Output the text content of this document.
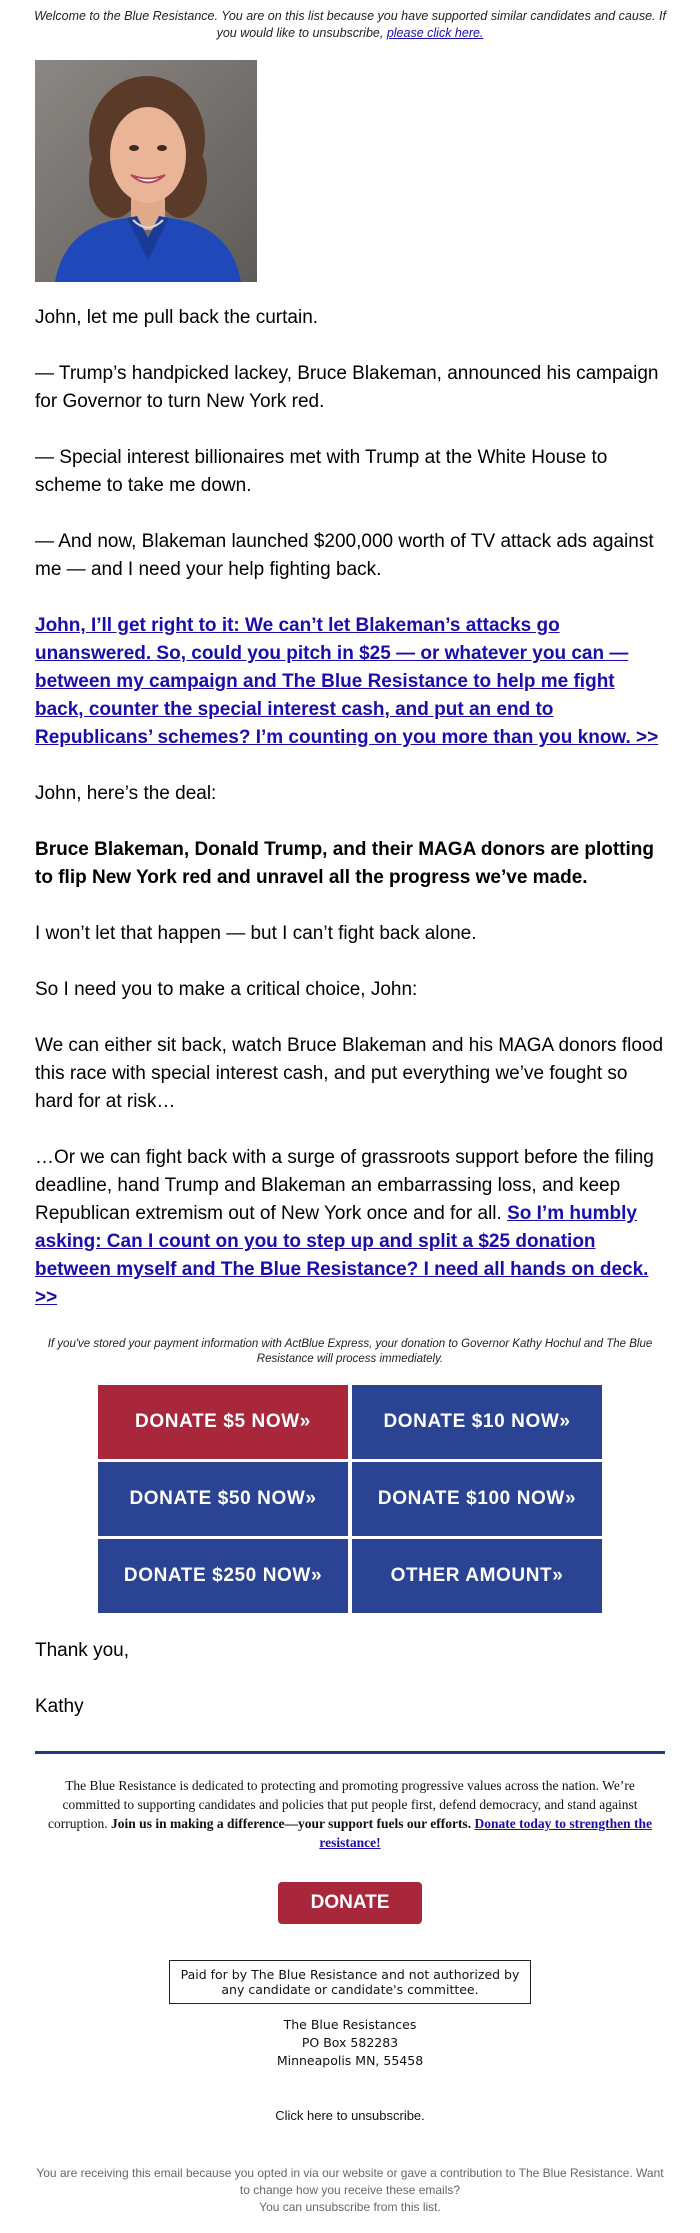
Welcome to the Blue Resistance. You are on this list because you have supported similar candidates and cause. If you would like to unsubscribe, please click here.

John, let me pull back the curtain.

— Trump’s handpicked lackey, Bruce Blakeman, announced his campaign for Governor to turn New York red.

— Special interest billionaires met with Trump at the White House to scheme to take me down.

— And now, Blakeman launched $200,000 worth of TV attack ads against me — and I need your help fighting back.

John, I’ll get right to it: We can’t let Blakeman’s attacks go unanswered. So, could you pitch in $25 — or whatever you can — between my campaign and The Blue Resistance to help me fight back, counter the special interest cash, and put an end to Republicans’ schemes? I’m counting on you more than you know. >>

John, here’s the deal:

Bruce Blakeman, Donald Trump, and their MAGA donors are plotting to flip New York red and unravel all the progress we’ve made.

I won’t let that happen — but I can’t fight back alone.

So I need you to make a critical choice, John:

We can either sit back, watch Bruce Blakeman and his MAGA donors flood this race with special interest cash, and put everything we’ve fought so hard for at risk…

…Or we can fight back with a surge of grassroots support before the filing deadline, hand Trump and Blakeman an embarrassing loss, and keep Republican extremism out of New York once and for all. So I’m humbly asking: Can I count on you to step up and split a $25 donation between myself and The Blue Resistance? I need all hands on deck. >>

If you've stored your payment information with ActBlue Express, your donation to Governor Kathy Hochul and The Blue Resistance will process immediately.
DONATE $5 NOW»	DONATE $10 NOW»
DONATE $50 NOW»	DONATE $100 NOW»
DONATE $250 NOW»	OTHER AMOUNT»

Thank you,

Kathy

The Blue Resistance is dedicated to protecting and promoting progressive values across the nation. We’re committed to supporting candidates and policies that put people first, defend democracy, and stand against corruption. Join us in making a difference—your support fuels our efforts. Donate today to strengthen the resistance!
DONATE
Paid for by The Blue Resistance and not authorized by any candidate or candidate's committee.
The Blue Resistances
PO Box 582283
Minneapolis MN, 55458
Click here to unsubscribe.
You are receiving this email because you opted in via our website or gave a contribution to The Blue Resistance. Want to change how you receive these emails?
You can unsubscribe from this list.
